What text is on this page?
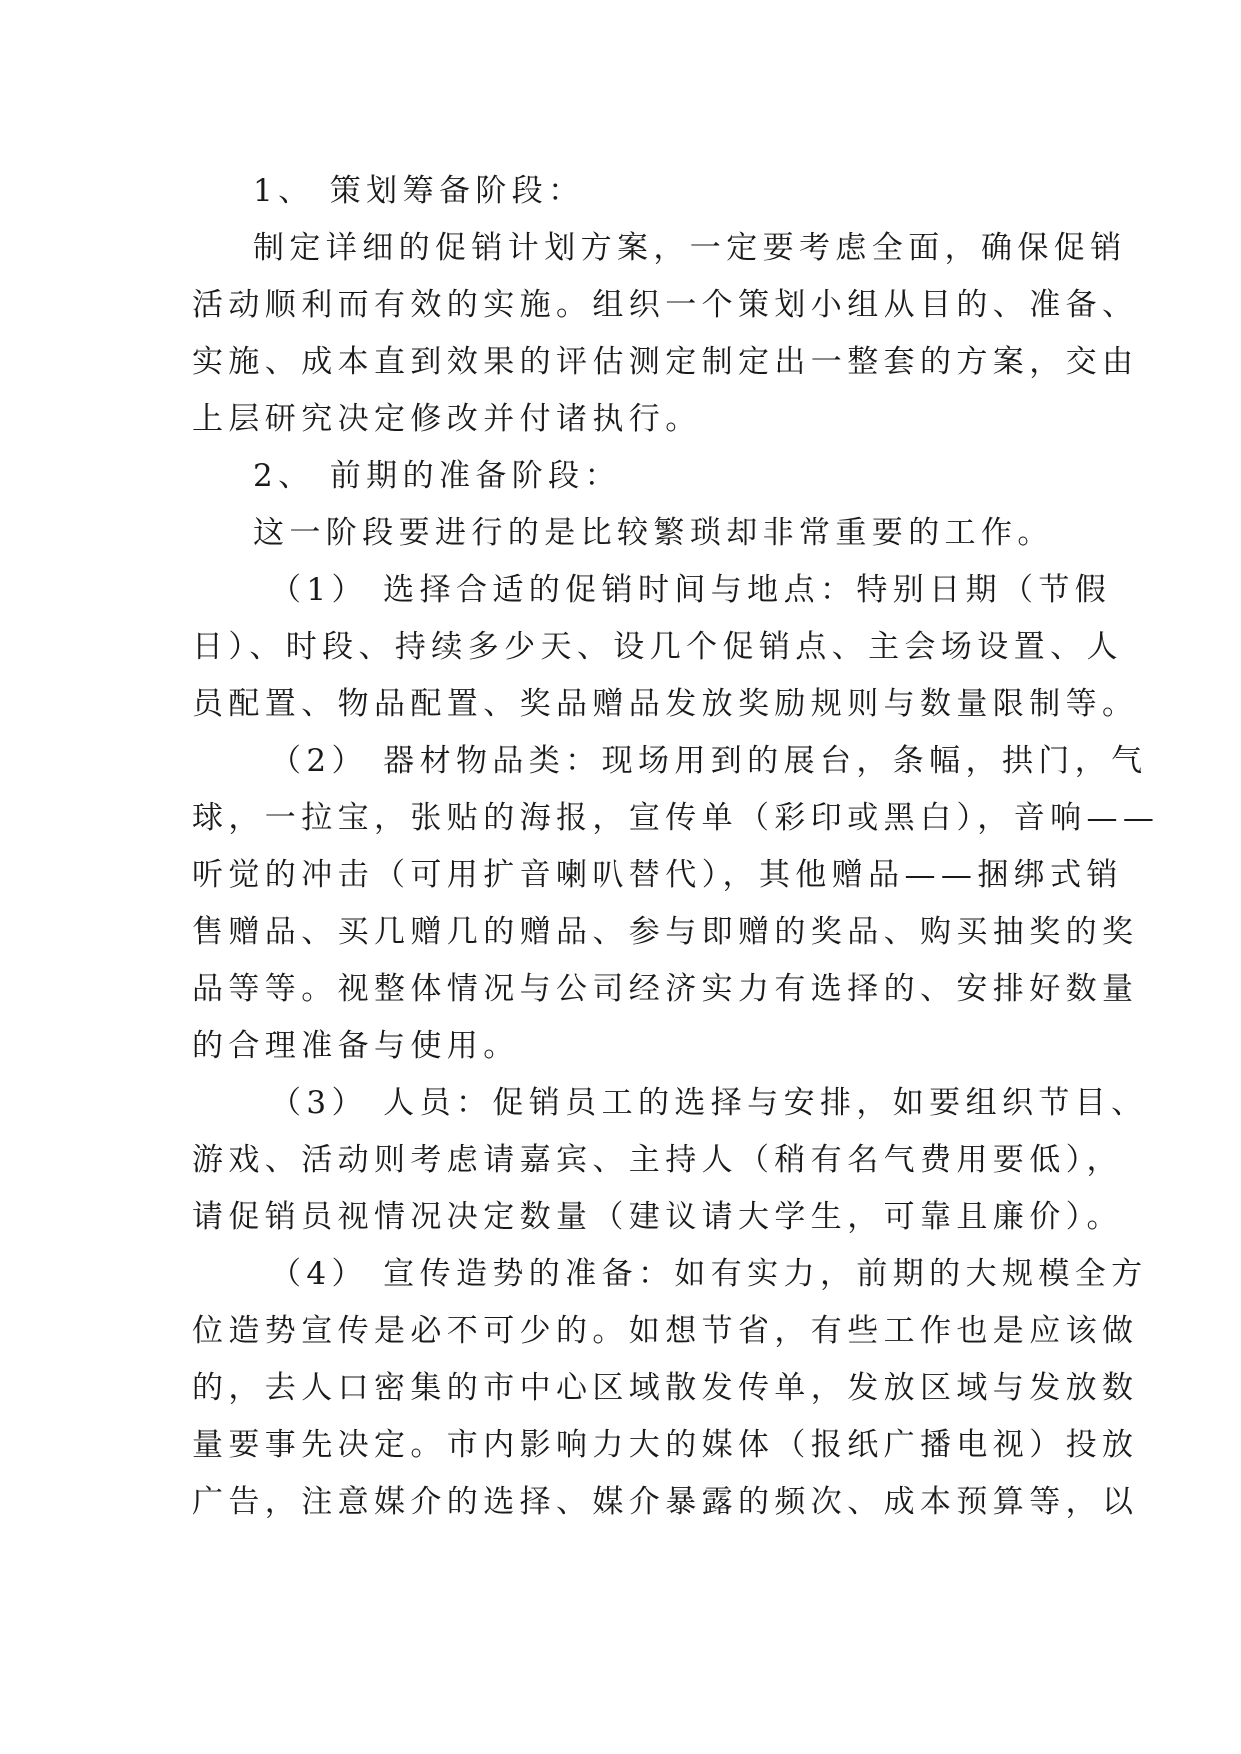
1、 策划筹备阶段：
制定详细的促销计划方案，一定要考虑全面，确保促销
活动顺利而有效的实施。组织一个策划小组从目的、准备、
实施、成本直到效果的评估测定制定出一整套的方案，交由
上层研究决定修改并付诸执行。
2、 前期的准备阶段：
这一阶段要进行的是比较繁琐却非常重要的工作。
（1） 选择合适的促销时间与地点：特别日期（节假
日）、时段、持续多少天、设几个促销点、主会场设置、人
员配置、物品配置、奖品赠品发放奖励规则与数量限制等。
（2） 器材物品类：现场用到的展台，条幅，拱门，气
球，一拉宝，张贴的海报，宣传单（彩印或黑白），音响——
听觉的冲击（可用扩音喇叭替代），其他赠品——捆绑式销
售赠品、买几赠几的赠品、参与即赠的奖品、购买抽奖的奖
品等等。视整体情况与公司经济实力有选择的、安排好数量
的合理准备与使用。
（3） 人员：促销员工的选择与安排，如要组织节目、
游戏、活动则考虑请嘉宾、主持人（稍有名气费用要低），
请促销员视情况决定数量（建议请大学生，可靠且廉价）。
（4） 宣传造势的准备：如有实力，前期的大规模全方
位造势宣传是必不可少的。如想节省，有些工作也是应该做
的，去人口密集的市中心区域散发传单，发放区域与发放数
量要事先决定。市内影响力大的媒体（报纸广播电视）投放
广告，注意媒介的选择、媒介暴露的频次、成本预算等，以
